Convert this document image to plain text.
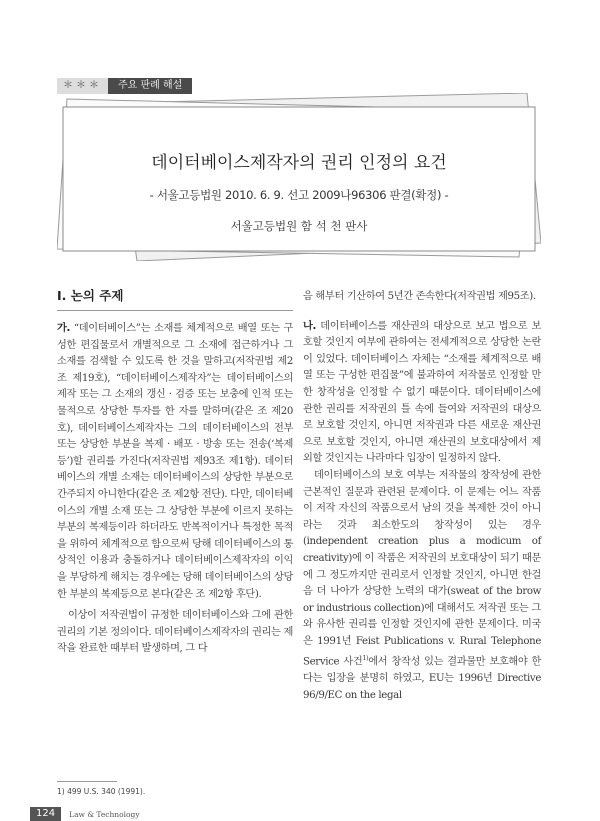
＊＊＊	주요 판례 해설
데이터베이스제작자의 권리 인정의 요건
- 서울고등법원 2010. 6. 9. 선고 2009나96306 판결(확정) -
서울고등법원 함 석 천 판사
I. 논의 주제

가. “데이터베이스”는 소재를 체계적으로 배열 또는 구성한 편집물로서 개별적으로 그 소재에 접근하거나 그 소재를 검색할 수 있도록 한 것을 말하고(저작권법 제2조 제19호), “데이터베이스제작자”는 데이터베이스의 제작 또는 그 소재의 갱신 · 검증 또는 보충에 인적 또는 물적으로 상당한 투자를 한 자를 말하며(같은 조 제20호), 데이터베이스제작자는 그의 데이터베이스의 전부 또는 상당한 부분을 복제 · 배포 · 방송 또는 전송(‘복제등’)할 권리를 가진다(저작권법 제93조 제1항). 데이터베이스의 개별 소재는 데이터베이스의 상당한 부분으로 간주되지 아니한다(같은 조 제2항 전단). 다만, 데이터베이스의 개별 소재 또는 그 상당한 부분에 이르지 못하는 부분의 복제등이라 하더라도 반복적이거나 특정한 목적을 위하여 체계적으로 함으로써 당해 데이터베이스의 통상적인 이용과 충돌하거나 데이터베이스제작자의 이익을 부당하게 해치는 경우에는 당해 데이터베이스의 상당한 부분의 복제등으로 본다(같은 조 제2항 후단).

이상이 저작권법이 규정한 데이터베이스와 그에 관한 권리의 기본 정의이다. 데이터베이스제작자의 권리는 제작을 완료한 때부터 발생하며, 그 다

음 해부터 기산하여 5년간 존속한다(저작권법 제95조).

나. 데이터베이스를 재산권의 대상으로 보고 법으로 보호할 것인지 여부에 관하여는 전세계적으로 상당한 논란이 있었다. 데이터베이스 자체는 “소재를 체계적으로 배열 또는 구성한 편집물”에 불과하여 저작물로 인정할 만한 창작성을 인정할 수 없기 때문이다. 데이터베이스에 관한 권리를 저작권의 틀 속에 들여와 저작권의 대상으로 보호할 것인지, 아니면 저작권과 다른 새로운 재산권으로 보호할 것인지, 아니면 재산권의 보호대상에서 제외할 것인지는 나라마다 입장이 일정하지 않다.

데이터베이스의 보호 여부는 저작물의 창작성에 관한 근본적인 질문과 관련된 문제이다. 이 문제는 어느 작품이 저작 자신의 작품으로서 남의 것을 복제한 것이 아니라는 것과 최소한도의 창작성이 있는 경우(independent creation plus a modicum of creativity)에 이 작품은 저작권의 보호대상이 되기 때문에 그 정도까지만 권리로서 인정할 것인지, 아니면 한걸음 더 나아가 상당한 노력의 대가(sweat of the brow or industrious collection)에 대해서도 저작권 또는 그와 유사한 권리를 인정할 것인지에 관한 문제이다. 미국은 1991년 Feist Publications v. Rural Telephone Service 사건$^{1)}$에서 창작성 있는 결과물만 보호해야 한다는 입장을 분명히 하였고, EU는 1996년 Directive 96/9/EC on the legal

1) 499 U.S. 340 (1991).
124	Law & Technology
